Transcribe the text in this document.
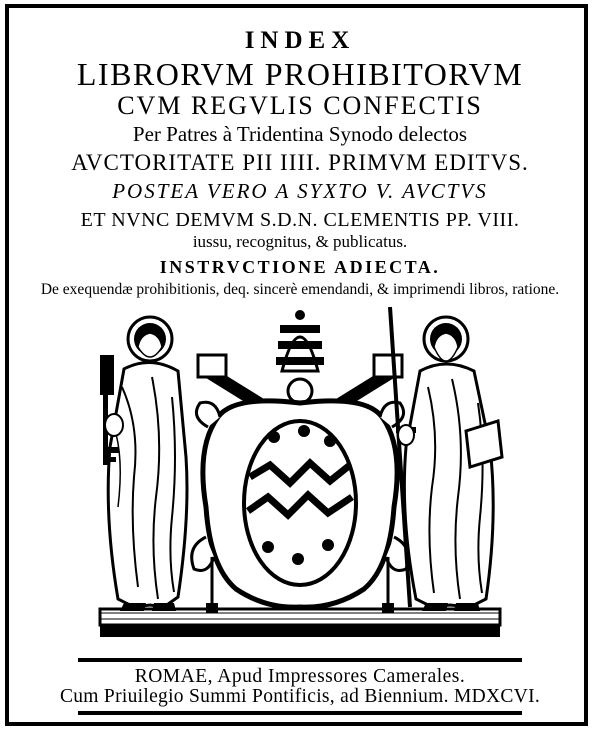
INDEX
LIBRORVM PROHIBITORVM
CVM REGVLIS CONFECTIS
Per Patres à Tridentina Synodo delectos
AVCTORITATE PII IIII. PRIMVM EDITVS.
POSTEA VERO A SYXTO V. AVCTVS
ET NVNC DEMVM S.D.N. CLEMENTIS PP. VIII.
iussu, recognitus, & publicatus.
INSTRVCTIONE ADIECTA.
De exequendæ prohibitionis, deq. sincerè emendandi, & imprimendi libros, ratione.
ROMAE, Apud Impressores Camerales.
Cum Priuilegio Summi Pontificis, ad Biennium. MDXCVI.
